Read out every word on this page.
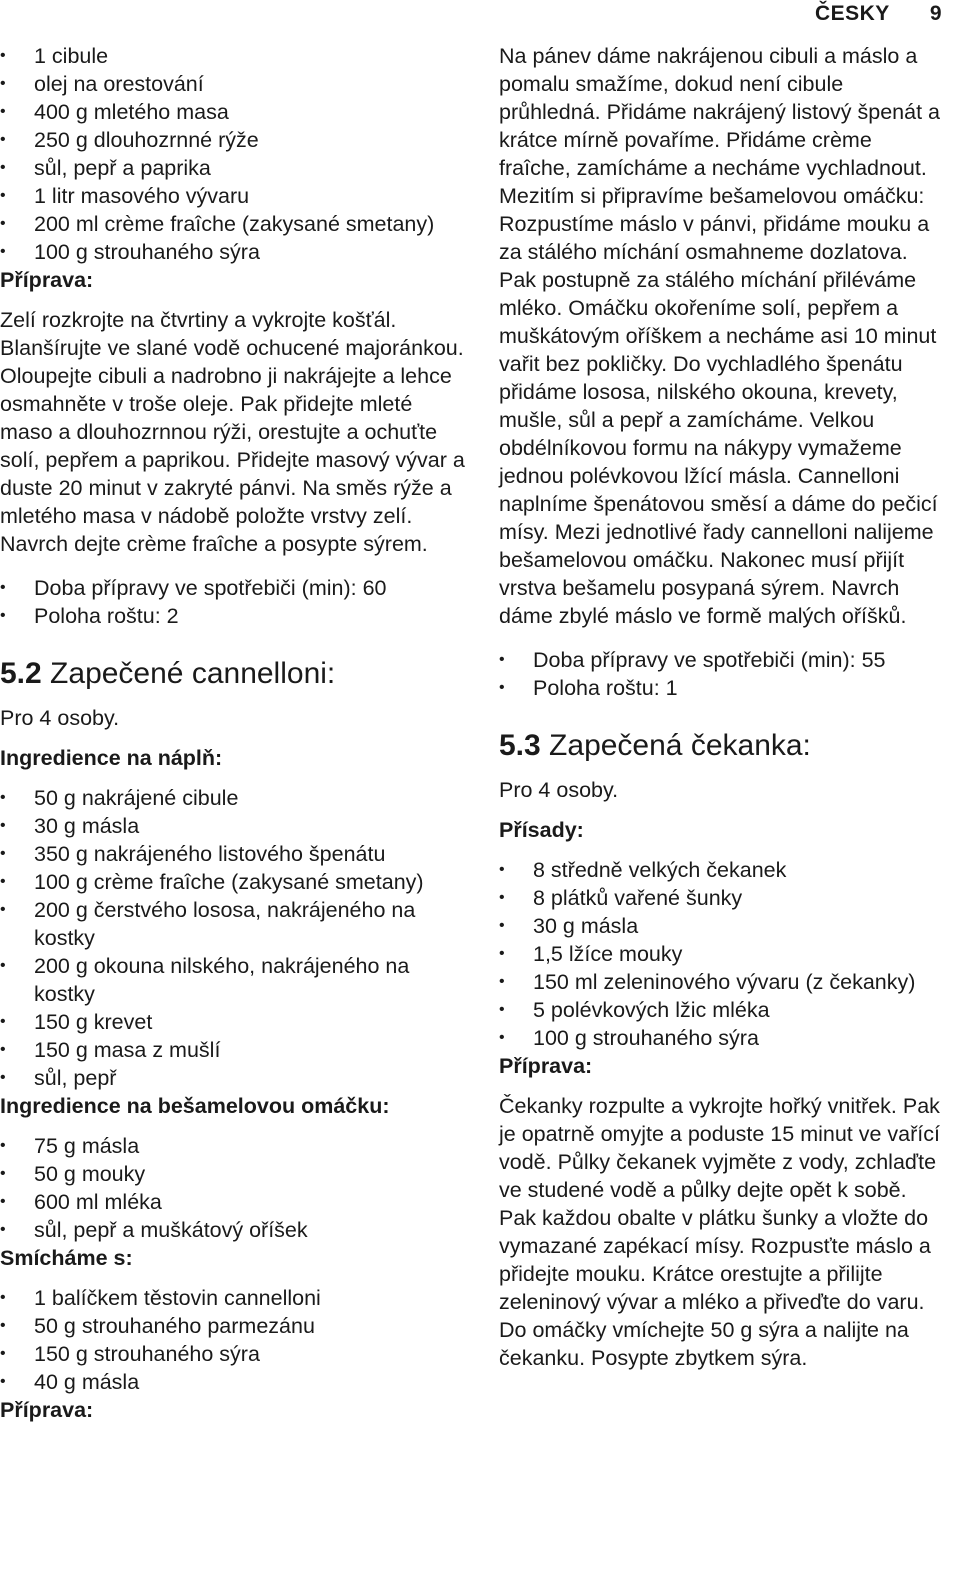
ČESKY 9
• 1 cibule
• olej na orestování
• 400 g mletého masa
• 250 g dlouhozrnné rýže
• sůl, pepř a paprika
• 1 litr masového vývaru
• 200 ml crème fraîche (zakysané smetany)
• 100 g strouhaného sýra

Příprava:

Zelí rozkrojte na čtvrtiny a vykrojte košťál. Blanšírujte ve slané vodě ochucené majoránkou. Oloupejte cibuli a nadrobno ji nakrájejte a lehce osmahněte v troše oleje. Pak přidejte mleté maso a dlouhozrnnou rýži, orestujte a ochuťte solí, pepřem a paprikou. Přidejte masový vývar a duste 20 minut v zakryté pánvi. Na směs rýže a mletého masa v nádobě položte vrstvy zelí. Navrch dejte crème fraîche a posypte sýrem.

• Doba přípravy ve spotřebiči (min): 60
• Poloha roštu: 2
5.2 Zapečené cannelloni:

Pro 4 osoby.

Ingredience na náplň:

• 50 g nakrájené cibule
• 30 g másla
• 350 g nakrájeného listového špenátu
• 100 g crème fraîche (zakysané smetany)
• 200 g čerstvého lososa, nakrájeného na kostky
• 200 g okouna nilského, nakrájeného na kostky
• 150 g krevet
• 150 g masa z mušlí
• sůl, pepř

Ingredience na bešamelovou omáčku:

• 75 g másla
• 50 g mouky
• 600 ml mléka
• sůl, pepř a muškátový oříšek

Smícháme s:

• 1 balíčkem těstovin cannelloni
• 50 g strouhaného parmezánu
• 150 g strouhaného sýra
• 40 g másla

Příprava:

Na pánev dáme nakrájenou cibuli a máslo a pomalu smažíme, dokud není cibule průhledná. Přidáme nakrájený listový špenát a krátce mírně povaříme. Přidáme crème fraîche, zamícháme a necháme vychladnout. Mezitím si připravíme bešamelovou omáčku: Rozpustíme máslo v pánvi, přidáme mouku a za stálého míchání osmahneme dozlatova. Pak postupně za stálého míchání přiléváme mléko. Omáčku okořeníme solí, pepřem a muškátovým oříškem a necháme asi 10 minut vařit bez pokličky. Do vychladlého špenátu přidáme lososa, nilského okouna, krevety, mušle, sůl a pepř a zamícháme. Velkou obdélníkovou formu na nákypy vymažeme jednou polévkovou lžící másla. Cannelloni naplníme špenátovou směsí a dáme do pečicí mísy. Mezi jednotlivé řady cannelloni nalijeme bešamelovou omáčku. Nakonec musí přijít vrstva bešamelu posypaná sýrem. Navrch dáme zbylé máslo ve formě malých oříšků.

• Doba přípravy ve spotřebiči (min): 55
• Poloha roštu: 1
5.3 Zapečená čekanka:

Pro 4 osoby.

Přísady:

• 8 středně velkých čekanek
• 8 plátků vařené šunky
• 30 g másla
• 1,5 lžíce mouky
• 150 ml zeleninového vývaru (z čekanky)
• 5 polévkových lžic mléka
• 100 g strouhaného sýra

Příprava:

Čekanky rozpulte a vykrojte hořký vnitřek. Pak je opatrně omyjte a poduste 15 minut ve vařící vodě. Půlky čekanek vyjměte z vody, zchlaďte ve studené vodě a půlky dejte opět k sobě. Pak každou obalte v plátku šunky a vložte do vymazané zapékací mísy. Rozpusťte máslo a přidejte mouku. Krátce orestujte a přilijte zeleninový vývar a mléko a přiveďte do varu. Do omáčky vmíchejte 50 g sýra a nalijte na čekanku. Posypte zbytkem sýra.
